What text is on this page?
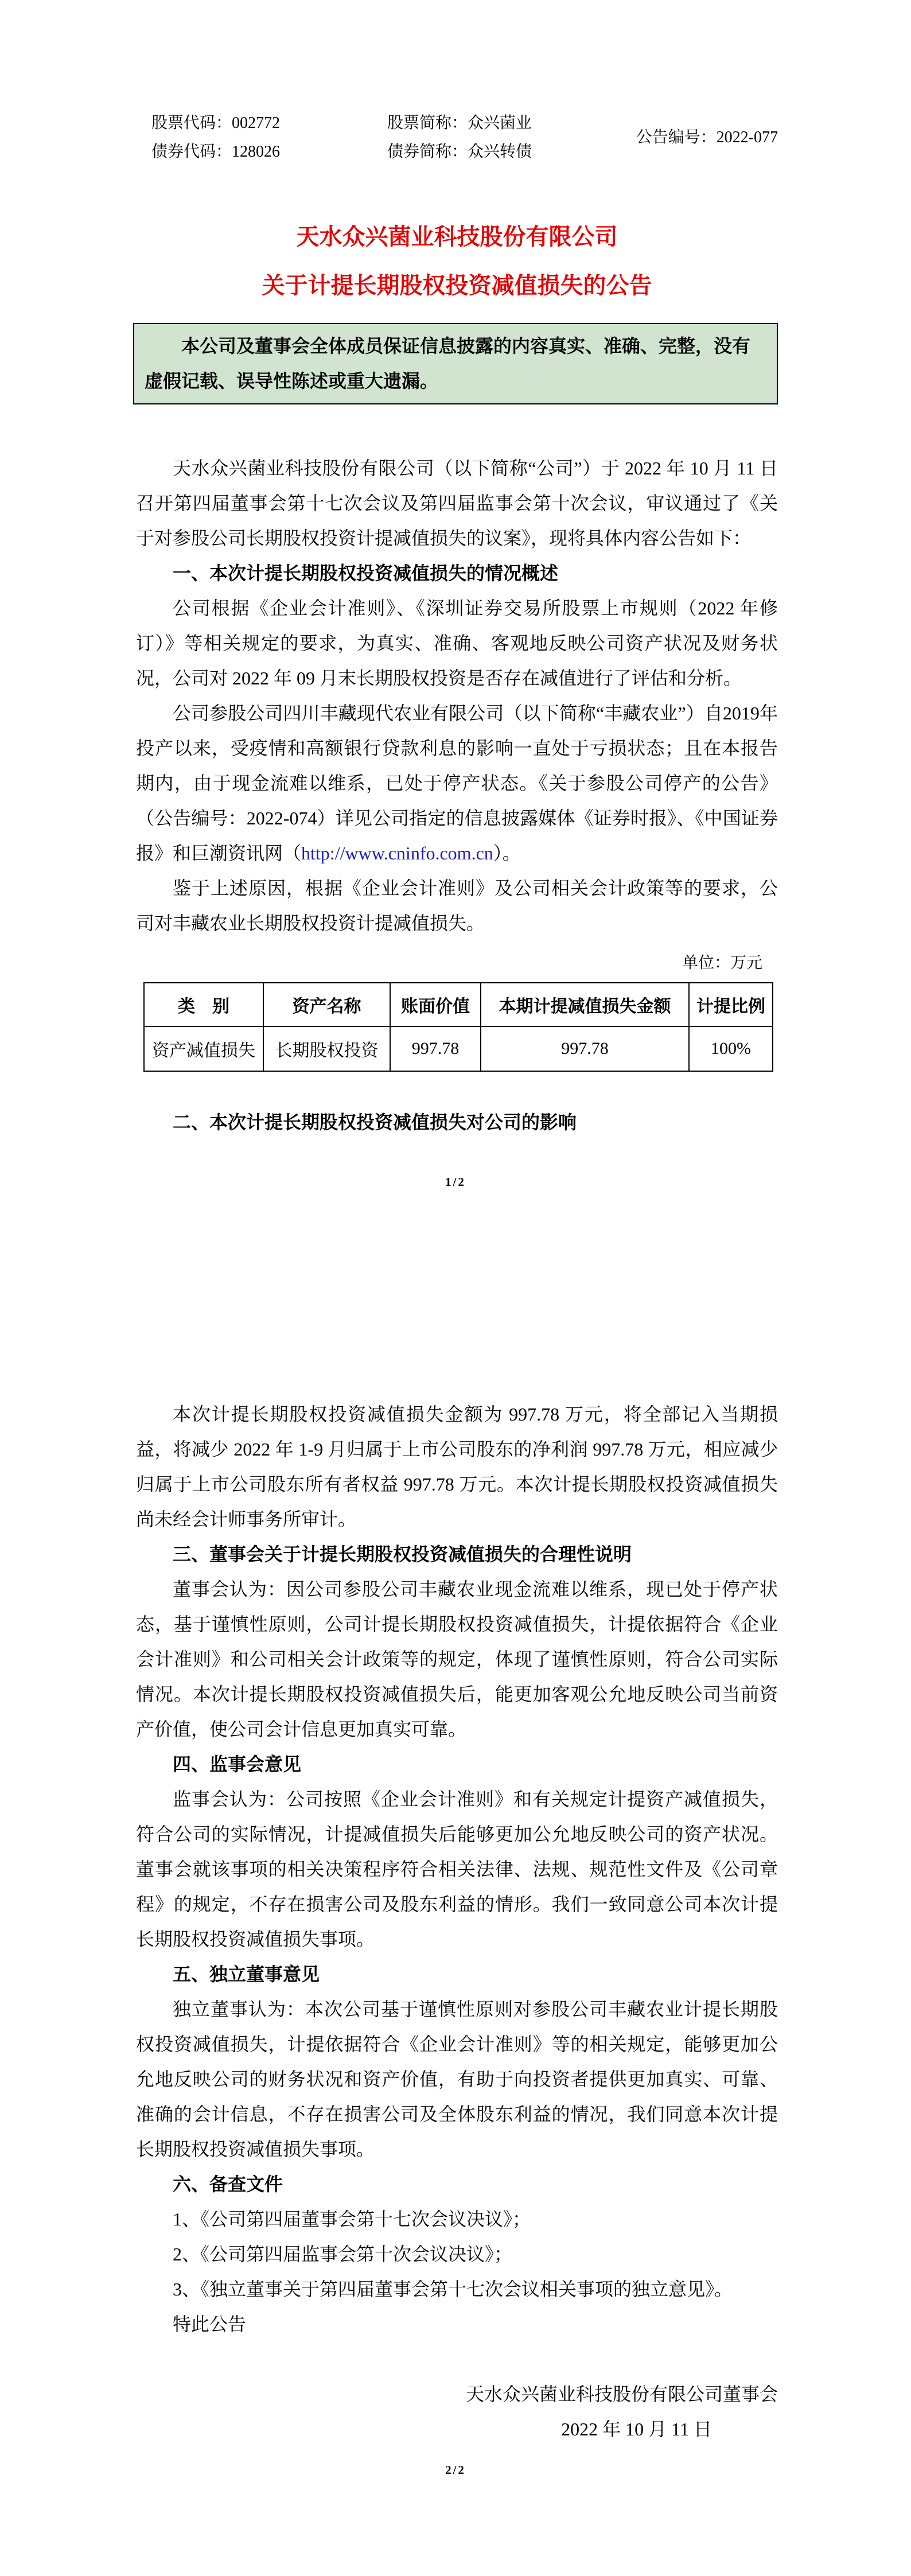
股票代码：002772
债券代码：128026
股票简称：众兴菌业
债券简称：众兴转债
公告编号：2022-077
天水众兴菌业科技股份有限公司
关于计提长期股权投资减值损失的公告
本公司及董事会全体成员保证信息披露的内容真实、准确、完整，没有
虚假记载、误导性陈述或重大遗漏。

天水众兴菌业科技股份有限公司（以下简称“公司”）于 2022 年 10 月 11 日召开第四届董事会第十七次会议及第四届监事会第十次会议，审议通过了《关于对参股公司长期股权投资计提减值损失的议案》，现将具体内容公告如下：

一、本次计提长期股权投资减值损失的情况概述

公司根据《企业会计准则》、《深圳证券交易所股票上市规则（2022 年修订）》等相关规定的要求，为真实、准确、客观地反映公司资产状况及财务状况，公司对 2022 年 09 月末长期股权投资是否存在减值进行了评估和分析。

公司参股公司四川丰藏现代农业有限公司（以下简称“丰藏农业”）自2019年投产以来，受疫情和高额银行贷款利息的影响一直处于亏损状态；且在本报告期内，由于现金流难以维系，已处于停产状态。《关于参股公司停产的公告》（公告编号：2022-074）详见公司指定的信息披露媒体《证券时报》、《中国证券报》和巨潮资讯网（http://www.cninfo.com.cn）。

鉴于上述原因，根据《企业会计准则》及公司相关会计政策等的要求，公司对丰藏农业长期股权投资计提减值损失。

单位：万元

类　别	资产名称	账面价值	本期计提减值损失金额	计提比例
资产减值损失	长期股权投资	997.78	997.78	100%

二、本次计提长期股权投资减值损失对公司的影响

1/2

本次计提长期股权投资减值损失金额为 997.78 万元，将全部记入当期损益，将减少 2022 年 1-9 月归属于上市公司股东的净利润 997.78 万元，相应减少归属于上市公司股东所有者权益 997.78 万元。本次计提长期股权投资减值损失尚未经会计师事务所审计。

三、董事会关于计提长期股权投资减值损失的合理性说明

董事会认为：因公司参股公司丰藏农业现金流难以维系，现已处于停产状态，基于谨慎性原则，公司计提长期股权投资减值损失，计提依据符合《企业会计准则》和公司相关会计政策等的规定，体现了谨慎性原则，符合公司实际情况。本次计提长期股权投资减值损失后，能更加客观公允地反映公司当前资产价值，使公司会计信息更加真实可靠。

四、监事会意见

监事会认为：公司按照《企业会计准则》和有关规定计提资产减值损失，符合公司的实际情况，计提减值损失后能够更加公允地反映公司的资产状况。董事会就该事项的相关决策程序符合相关法律、法规、规范性文件及《公司章程》的规定，不存在损害公司及股东利益的情形。我们一致同意公司本次计提长期股权投资减值损失事项。

五、独立董事意见

独立董事认为：本次公司基于谨慎性原则对参股公司丰藏农业计提长期股权投资减值损失，计提依据符合《企业会计准则》等的相关规定，能够更加公允地反映公司的财务状况和资产价值，有助于向投资者提供更加真实、可靠、准确的会计信息，不存在损害公司及全体股东利益的情况，我们同意本次计提长期股权投资减值损失事项。

六、备查文件

1、《公司第四届董事会第十七次会议决议》；

2、《公司第四届监事会第十次会议决议》；

3、《独立董事关于第四届董事会第十七次会议相关事项的独立意见》。

特此公告

天水众兴菌业科技股份有限公司董事会

2022 年 10 月 11 日

2/2
